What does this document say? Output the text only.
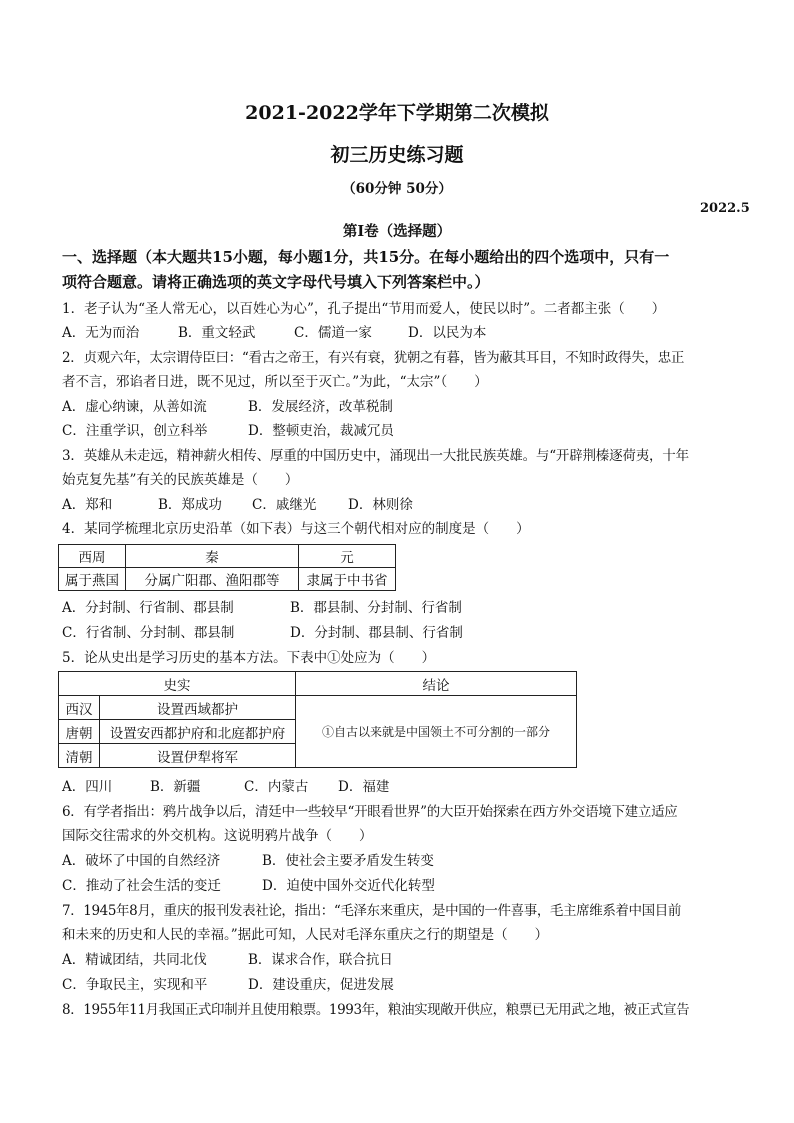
2021-2022学年下学期第二次模拟
初三历史练习题
（60分钟 50分）
2022.5
第Ⅰ卷（选择题）
一、选择题（本大题共15小题，每小题1分，共15分。在每小题给出的四个选项中，只有一
项符合题意。请将正确选项的英文字母代号填入下列答案栏中。）
1．老子认为“圣人常无心，以百姓心为心”，孔子提出“节用而爱人，使民以时”。二者都主张（　　）
A．无为而治	B．重文轻武	C．儒道一家	D．以民为本
2．贞观六年，太宗谓侍臣曰：“看古之帝王，有兴有衰，犹朝之有暮，皆为蔽其耳目，不知时政得失，忠正
者不言，邪谄者日进，既不见过，所以至于灭亡。”为此，“太宗”（　　）
A．虚心纳谏，从善如流	B．发展经济，改革税制
C．注重学识，创立科举	D．整顿吏治，裁减冗员
3．英雄从未走远，精神薪火相传、厚重的中国历史中，涌现出一大批民族英雄。与“开辟荆榛逐荷夷，十年
始克复先基”有关的民族英雄是（　　）
A．郑和	B．郑成功 C．戚继光 D．林则徐
4．某同学梳理北京历史沿革（如下表）与这三个朝代相对应的制度是（　　）
西周	秦	元
属于燕国	分属广阳郡、渔阳郡等	隶属于中书省
A．分封制、行省制、郡县制	B．郡县制、分封制、行省制
C．行省制、分封制、郡县制	D．分封制、郡县制、行省制
5．论从史出是学习历史的基本方法。下表中①处应为（　　）
史实		结论
西汉	设置西域都护	①自古以来就是中国领土不可分割的一部分
唐朝	设置安西都护府和北庭都护府	
清朝	设置伊犁将军	
A．四川	B．新疆	C．内蒙古 D．福建
6．有学者指出：鸦片战争以后，清廷中一些较早“开眼看世界”的大臣开始探索在西方外交语境下建立适应
国际交往需求的外交机构。这说明鸦片战争（　　）
A．破坏了中国的自然经济	B．使社会主要矛盾发生转变
C．推动了社会生活的变迁	D．迫使中国外交近代化转型
7．1945年8月，重庆的报刊发表社论，指出：“毛泽东来重庆，是中国的一件喜事，毛主席维系着中国目前
和未来的历史和人民的幸福。”据此可知，人民对毛泽东重庆之行的期望是（　　）
A．精诚团结，共同北伐	B．谋求合作，联合抗日
C．争取民主，实现和平	D．建设重庆，促进发展
8．1955年11月我国正式印制并且使用粮票。1993年，粮油实现敞开供应，粮票已无用武之地，被正式宣告
